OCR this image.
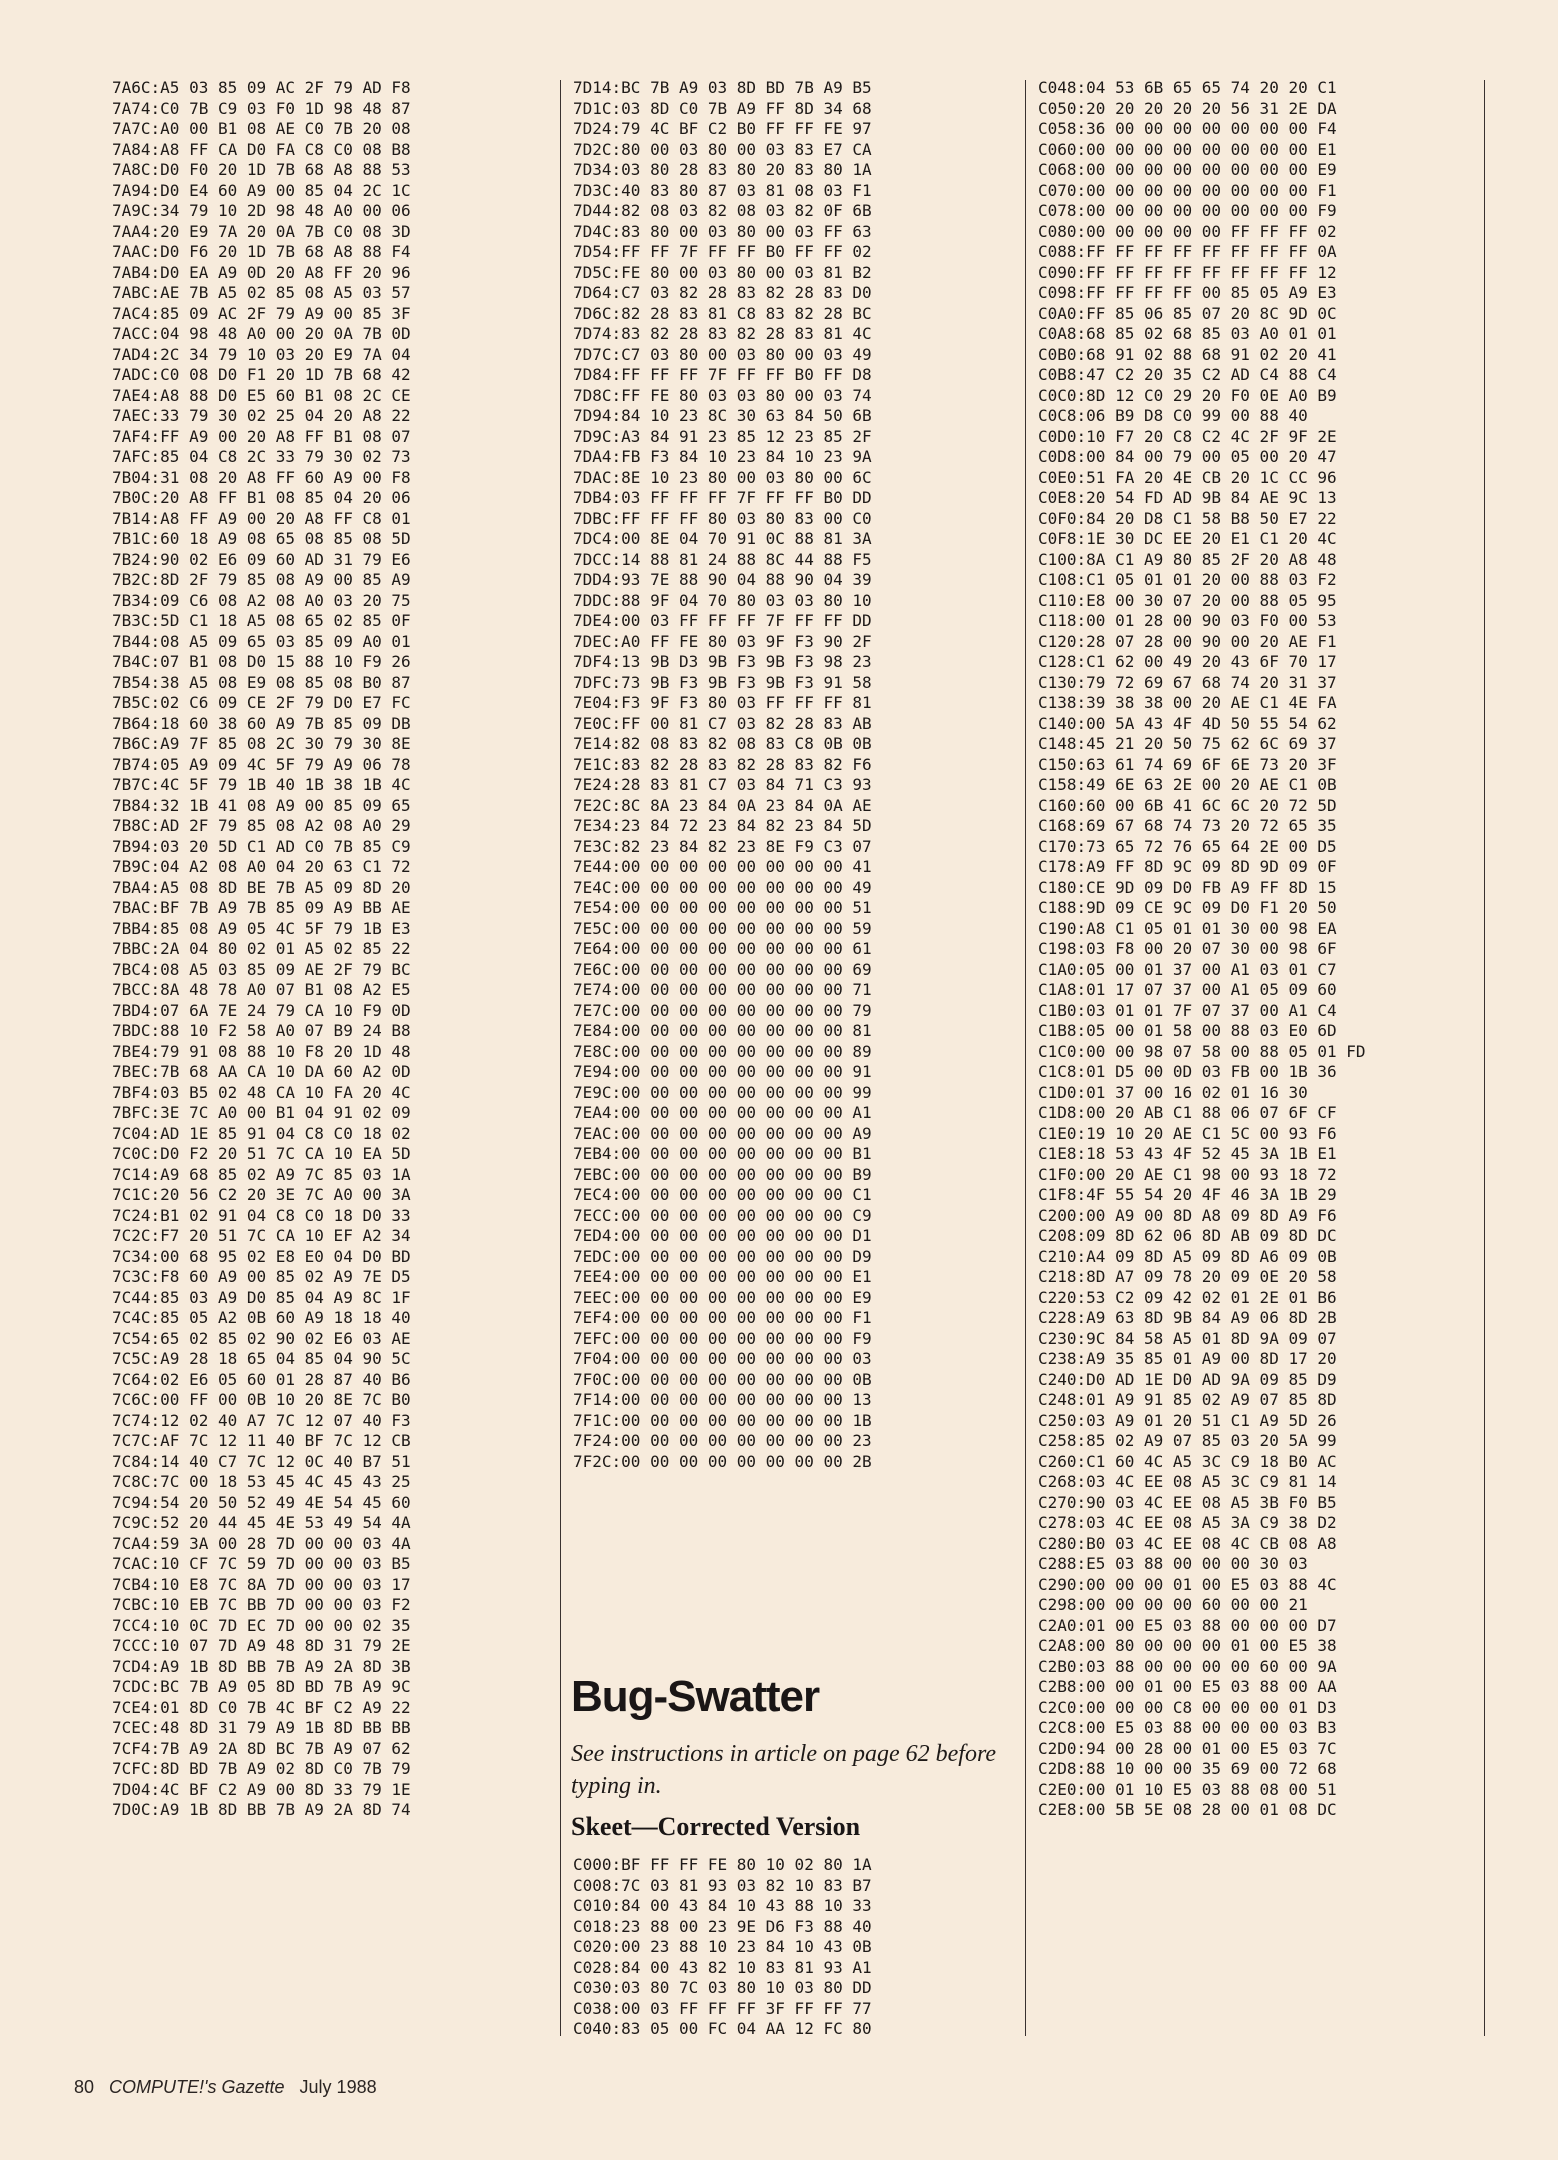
7A6C:A5 03 85 09 AC 2F 79 AD F8
7A74:C0 7B C9 03 F0 1D 98 48 87
7A7C:A0 00 B1 08 AE C0 7B 20 08
7A84:A8 FF CA D0 FA C8 C0 08 B8
7A8C:D0 F0 20 1D 7B 68 A8 88 53
7A94:D0 E4 60 A9 00 85 04 2C 1C
7A9C:34 79 10 2D 98 48 A0 00 06
7AA4:20 E9 7A 20 0A 7B C0 08 3D
7AAC:D0 F6 20 1D 7B 68 A8 88 F4
7AB4:D0 EA A9 0D 20 A8 FF 20 96
7ABC:AE 7B A5 02 85 08 A5 03 57
7AC4:85 09 AC 2F 79 A9 00 85 3F
7ACC:04 98 48 A0 00 20 0A 7B 0D
7AD4:2C 34 79 10 03 20 E9 7A 04
7ADC:C0 08 D0 F1 20 1D 7B 68 42
7AE4:A8 88 D0 E5 60 B1 08 2C CE
7AEC:33 79 30 02 25 04 20 A8 22
7AF4:FF A9 00 20 A8 FF B1 08 07
7AFC:85 04 C8 2C 33 79 30 02 73
7B04:31 08 20 A8 FF 60 A9 00 F8
7B0C:20 A8 FF B1 08 85 04 20 06
7B14:A8 FF A9 00 20 A8 FF C8 01
7B1C:60 18 A9 08 65 08 85 08 5D
7B24:90 02 E6 09 60 AD 31 79 E6
7B2C:8D 2F 79 85 08 A9 00 85 A9
7B34:09 C6 08 A2 08 A0 03 20 75
7B3C:5D C1 18 A5 08 65 02 85 0F
7B44:08 A5 09 65 03 85 09 A0 01
7B4C:07 B1 08 D0 15 88 10 F9 26
7B54:38 A5 08 E9 08 85 08 B0 87
7B5C:02 C6 09 CE 2F 79 D0 E7 FC
7B64:18 60 38 60 A9 7B 85 09 DB
7B6C:A9 7F 85 08 2C 30 79 30 8E
7B74:05 A9 09 4C 5F 79 A9 06 78
7B7C:4C 5F 79 1B 40 1B 38 1B 4C
7B84:32 1B 41 08 A9 00 85 09 65
7B8C:AD 2F 79 85 08 A2 08 A0 29
7B94:03 20 5D C1 AD C0 7B 85 C9
7B9C:04 A2 08 A0 04 20 63 C1 72
7BA4:A5 08 8D BE 7B A5 09 8D 20
7BAC:BF 7B A9 7B 85 09 A9 BB AE
7BB4:85 08 A9 05 4C 5F 79 1B E3
7BBC:2A 04 80 02 01 A5 02 85 22
7BC4:08 A5 03 85 09 AE 2F 79 BC
7BCC:8A 48 78 A0 07 B1 08 A2 E5
7BD4:07 6A 7E 24 79 CA 10 F9 0D
7BDC:88 10 F2 58 A0 07 B9 24 B8
7BE4:79 91 08 88 10 F8 20 1D 48
7BEC:7B 68 AA CA 10 DA 60 A2 0D
7BF4:03 B5 02 48 CA 10 FA 20 4C
7BFC:3E 7C A0 00 B1 04 91 02 09
7C04:AD 1E 85 91 04 C8 C0 18 02
7C0C:D0 F2 20 51 7C CA 10 EA 5D
7C14:A9 68 85 02 A9 7C 85 03 1A
7C1C:20 56 C2 20 3E 7C A0 00 3A
7C24:B1 02 91 04 C8 C0 18 D0 33
7C2C:F7 20 51 7C CA 10 EF A2 34
7C34:00 68 95 02 E8 E0 04 D0 BD
7C3C:F8 60 A9 00 85 02 A9 7E D5
7C44:85 03 A9 D0 85 04 A9 8C 1F
7C4C:85 05 A2 0B 60 A9 18 18 40
7C54:65 02 85 02 90 02 E6 03 AE
7C5C:A9 28 18 65 04 85 04 90 5C
7C64:02 E6 05 60 01 28 87 40 B6
7C6C:00 FF 00 0B 10 20 8E 7C B0
7C74:12 02 40 A7 7C 12 07 40 F3
7C7C:AF 7C 12 11 40 BF 7C 12 CB
7C84:14 40 C7 7C 12 0C 40 B7 51
7C8C:7C 00 18 53 45 4C 45 43 25
7C94:54 20 50 52 49 4E 54 45 60
7C9C:52 20 44 45 4E 53 49 54 4A
7CA4:59 3A 00 28 7D 00 00 03 4A
7CAC:10 CF 7C 59 7D 00 00 03 B5
7CB4:10 E8 7C 8A 7D 00 00 03 17
7CBC:10 EB 7C BB 7D 00 00 03 F2
7CC4:10 0C 7D EC 7D 00 00 02 35
7CCC:10 07 7D A9 48 8D 31 79 2E
7CD4:A9 1B 8D BB 7B A9 2A 8D 3B
7CDC:BC 7B A9 05 8D BD 7B A9 9C
7CE4:01 8D C0 7B 4C BF C2 A9 22
7CEC:48 8D 31 79 A9 1B 8D BB BB
7CF4:7B A9 2A 8D BC 7B A9 07 62
7CFC:8D BD 7B A9 02 8D C0 7B 79
7D04:4C BF C2 A9 00 8D 33 79 1E
7D0C:A9 1B 8D BB 7B A9 2A 8D 74
7D14:BC 7B A9 03 8D BD 7B A9 B5
7D1C:03 8D C0 7B A9 FF 8D 34 68
7D24:79 4C BF C2 B0 FF FF FE 97
7D2C:80 00 03 80 00 03 83 E7 CA
7D34:03 80 28 83 80 20 83 80 1A
7D3C:40 83 80 87 03 81 08 03 F1
7D44:82 08 03 82 08 03 82 0F 6B
7D4C:83 80 00 03 80 00 03 FF 63
7D54:FF FF 7F FF FF B0 FF FF 02
7D5C:FE 80 00 03 80 00 03 81 B2
7D64:C7 03 82 28 83 82 28 83 D0
7D6C:82 28 83 81 C8 83 82 28 BC
7D74:83 82 28 83 82 28 83 81 4C
7D7C:C7 03 80 00 03 80 00 03 49
7D84:FF FF FF 7F FF FF B0 FF D8
7D8C:FF FE 80 03 03 80 00 03 74
7D94:84 10 23 8C 30 63 84 50 6B
7D9C:A3 84 91 23 85 12 23 85 2F
7DA4:FB F3 84 10 23 84 10 23 9A
7DAC:8E 10 23 80 00 03 80 00 6C
7DB4:03 FF FF FF 7F FF FF B0 DD
7DBC:FF FF FF 80 03 80 83 00 C0
7DC4:00 8E 04 70 91 0C 88 81 3A
7DCC:14 88 81 24 88 8C 44 88 F5
7DD4:93 7E 88 90 04 88 90 04 39
7DDC:88 9F 04 70 80 03 03 80 10
7DE4:00 03 FF FF FF 7F FF FF DD
7DEC:A0 FF FE 80 03 9F F3 90 2F
7DF4:13 9B D3 9B F3 9B F3 98 23
7DFC:73 9B F3 9B F3 9B F3 91 58
7E04:F3 9F F3 80 03 FF FF FF 81
7E0C:FF 00 81 C7 03 82 28 83 AB
7E14:82 08 83 82 08 83 C8 0B 0B
7E1C:83 82 28 83 82 28 83 82 F6
7E24:28 83 81 C7 03 84 71 C3 93
7E2C:8C 8A 23 84 0A 23 84 0A AE
7E34:23 84 72 23 84 82 23 84 5D
7E3C:82 23 84 82 23 8E F9 C3 07
7E44:00 00 00 00 00 00 00 00 41
7E4C:00 00 00 00 00 00 00 00 49
7E54:00 00 00 00 00 00 00 00 51
7E5C:00 00 00 00 00 00 00 00 59
7E64:00 00 00 00 00 00 00 00 61
7E6C:00 00 00 00 00 00 00 00 69
7E74:00 00 00 00 00 00 00 00 71
7E7C:00 00 00 00 00 00 00 00 79
7E84:00 00 00 00 00 00 00 00 81
7E8C:00 00 00 00 00 00 00 00 89
7E94:00 00 00 00 00 00 00 00 91
7E9C:00 00 00 00 00 00 00 00 99
7EA4:00 00 00 00 00 00 00 00 A1
7EAC:00 00 00 00 00 00 00 00 A9
7EB4:00 00 00 00 00 00 00 00 B1
7EBC:00 00 00 00 00 00 00 00 B9
7EC4:00 00 00 00 00 00 00 00 C1
7ECC:00 00 00 00 00 00 00 00 C9
7ED4:00 00 00 00 00 00 00 00 D1
7EDC:00 00 00 00 00 00 00 00 D9
7EE4:00 00 00 00 00 00 00 00 E1
7EEC:00 00 00 00 00 00 00 00 E9
7EF4:00 00 00 00 00 00 00 00 F1
7EFC:00 00 00 00 00 00 00 00 F9
7F04:00 00 00 00 00 00 00 00 03
7F0C:00 00 00 00 00 00 00 00 0B
7F14:00 00 00 00 00 00 00 00 13
7F1C:00 00 00 00 00 00 00 00 1B
7F24:00 00 00 00 00 00 00 00 23
7F2C:00 00 00 00 00 00 00 00 2B
Bug-Swatter
See instructions in article on page 62 before typing in.
Skeet—Corrected Version
C000:BF FF FF FE 80 10 02 80 1A
C008:7C 03 81 93 03 82 10 83 B7
C010:84 00 43 84 10 43 88 10 33
C018:23 88 00 23 9E D6 F3 88 40
C020:00 23 88 10 23 84 10 43 0B
C028:84 00 43 82 10 83 81 93 A1
C030:03 80 7C 03 80 10 03 80 DD
C038:00 03 FF FF FF 3F FF FF 77
C040:83 05 00 FC 04 AA 12 FC 80
C048:04 53 6B 65 65 74 20 20 C1
C050:20 20 20 20 20 56 31 2E DA
C058:36 00 00 00 00 00 00 00 F4
C060:00 00 00 00 00 00 00 00 E1
C068:00 00 00 00 00 00 00 00 E9
C070:00 00 00 00 00 00 00 00 F1
C078:00 00 00 00 00 00 00 00 F9
C080:00 00 00 00 00 FF FF FF 02
C088:FF FF FF FF FF FF FF FF 0A
C090:FF FF FF FF FF FF FF FF 12
C098:FF FF FF FF 00 85 05 A9 E3
C0A0:FF 85 06 85 07 20 8C 9D 0C
C0A8:68 85 02 68 85 03 A0 01 01
C0B0:68 91 02 88 68 91 02 20 41
C0B8:47 C2 20 35 C2 AD C4 88 C4
C0C0:8D 12 C0 29 20 F0 0E A0 B9
C0C8:06 B9 D8 C0 99 00 88 40
C0D0:10 F7 20 C8 C2 4C 2F 9F 2E
C0D8:00 84 00 79 00 05 00 20 47
C0E0:51 FA 20 4E CB 20 1C CC 96
C0E8:20 54 FD AD 9B 84 AE 9C 13
C0F0:84 20 D8 C1 58 B8 50 E7 22
C0F8:1E 30 DC EE 20 E1 C1 20 4C
C100:8A C1 A9 80 85 2F 20 A8 48
C108:C1 05 01 01 20 00 88 03 F2
C110:E8 00 30 07 20 00 88 05 95
C118:00 01 28 00 90 03 F0 00 53
C120:28 07 28 00 90 00 20 AE F1
C128:C1 62 00 49 20 43 6F 70 17
C130:79 72 69 67 68 74 20 31 37
C138:39 38 38 00 20 AE C1 4E FA
C140:00 5A 43 4F 4D 50 55 54 62
C148:45 21 20 50 75 62 6C 69 37
C150:63 61 74 69 6F 6E 73 20 3F
C158:49 6E 63 2E 00 20 AE C1 0B
C160:60 00 6B 41 6C 6C 20 72 5D
C168:69 67 68 74 73 20 72 65 35
C170:73 65 72 76 65 64 2E 00 D5
C178:A9 FF 8D 9C 09 8D 9D 09 0F
C180:CE 9D 09 D0 FB A9 FF 8D 15
C188:9D 09 CE 9C 09 D0 F1 20 50
C190:A8 C1 05 01 01 30 00 98 EA
C198:03 F8 00 20 07 30 00 98 6F
C1A0:05 00 01 37 00 A1 03 01 C7
C1A8:01 17 07 37 00 A1 05 09 60
C1B0:03 01 01 7F 07 37 00 A1 C4
C1B8:05 00 01 58 00 88 03 E0 6D
C1C0:00 00 98 07 58 00 88 05 01 FD
C1C8:01 D5 00 0D 03 FB 00 1B 36
C1D0:01 37 00 16 02 01 16 30
C1D8:00 20 AB C1 88 06 07 6F CF
C1E0:19 10 20 AE C1 5C 00 93 F6
C1E8:18 53 43 4F 52 45 3A 1B E1
C1F0:00 20 AE C1 98 00 93 18 72
C1F8:4F 55 54 20 4F 46 3A 1B 29
C200:00 A9 00 8D A8 09 8D A9 F6
C208:09 8D 62 06 8D AB 09 8D DC
C210:A4 09 8D A5 09 8D A6 09 0B
C218:8D A7 09 78 20 09 0E 20 58
C220:53 C2 09 42 02 01 2E 01 B6
C228:A9 63 8D 9B 84 A9 06 8D 2B
C230:9C 84 58 A5 01 8D 9A 09 07
C238:A9 35 85 01 A9 00 8D 17 20
C240:D0 AD 1E D0 AD 9A 09 85 D9
C248:01 A9 91 85 02 A9 07 85 8D
C250:03 A9 01 20 51 C1 A9 5D 26
C258:85 02 A9 07 85 03 20 5A 99
C260:C1 60 4C A5 3C C9 18 B0 AC
C268:03 4C EE 08 A5 3C C9 81 14
C270:90 03 4C EE 08 A5 3B F0 B5
C278:03 4C EE 08 A5 3A C9 38 D2
C280:B0 03 4C EE 08 4C CB 08 A8
C288:E5 03 88 00 00 00 30 03
C290:00 00 00 01 00 E5 03 88 4C
C298:00 00 00 00 60 00 00 21
C2A0:01 00 E5 03 88 00 00 00 D7
C2A8:00 80 00 00 00 01 00 E5 38
C2B0:03 88 00 00 00 00 60 00 9A
C2B8:00 00 01 00 E5 03 88 00 AA
C2C0:00 00 00 C8 00 00 00 01 D3
C2C8:00 E5 03 88 00 00 00 03 B3
C2D0:94 00 28 00 01 00 E5 03 7C
C2D8:88 10 00 00 35 69 00 72 68
C2E0:00 01 10 E5 03 88 08 00 51
C2E8:00 5B 5E 08 28 00 01 08 DC
80 COMPUTE!'s Gazette July 1988
